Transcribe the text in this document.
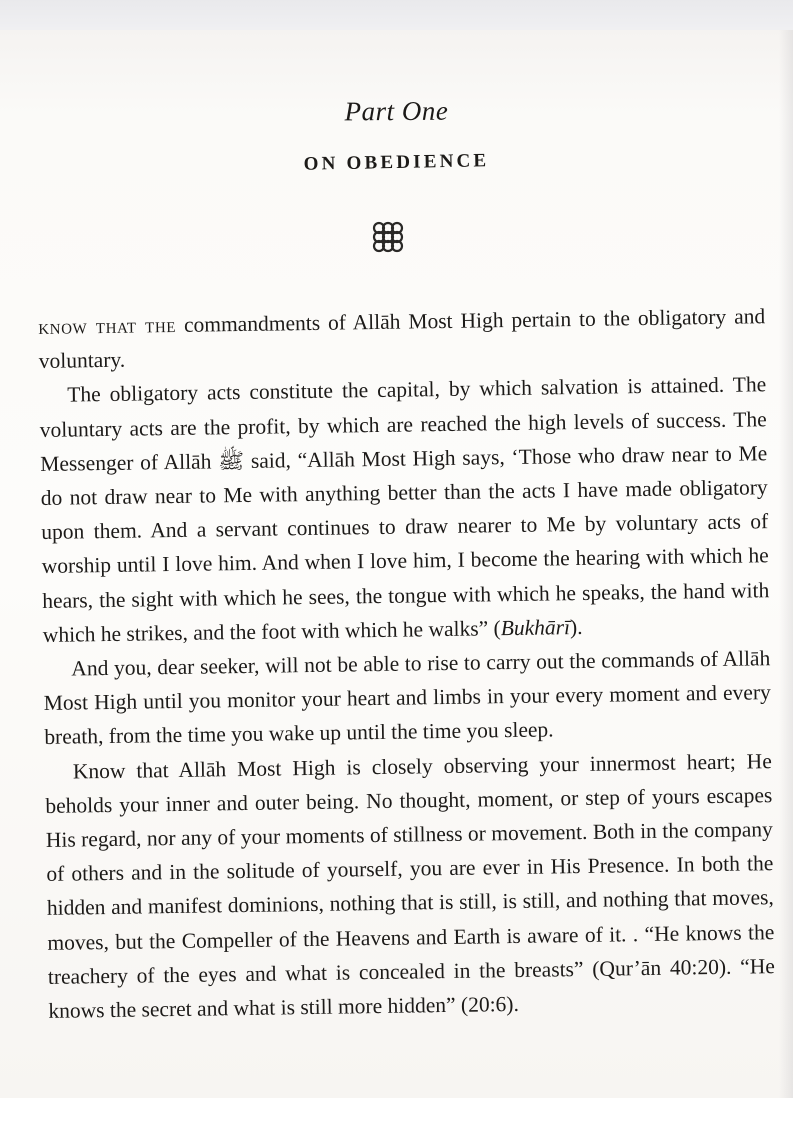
Part One
ON OBEDIENCE

know that the commandments of Allāh Most High pertain to the obligatory and voluntary.

The obligatory acts constitute the capital, by which salvation is attained. The voluntary acts are the profit, by which are reached the high levels of success. The Messenger of Allāh ﷺ said, “Allāh Most High says, ‘Those who draw near to Me do not draw near to Me with anything better than the acts I have made obligatory upon them. And a servant continues to draw nearer to Me by voluntary acts of worship until I love him. And when I love him, I become the hearing with which he hears, the sight with which he sees, the tongue with which he speaks, the hand with which he strikes, and the foot with which he walks” (Bukhārī).

And you, dear seeker, will not be able to rise to carry out the commands of Allāh Most High until you monitor your heart and limbs in your every moment and every breath, from the time you wake up until the time you sleep.

Know that Allāh Most High is closely observing your innermost heart; He beholds your inner and outer being. No thought, moment, or step of yours escapes His regard, nor any of your moments of stillness or movement. Both in the company of others and in the solitude of yourself, you are ever in His Presence. In both the hidden and manifest dominions, nothing that is still, is still, and nothing that moves, moves, but the Compeller of the Heavens and Earth is aware of it. . “He knows the treachery of the eyes and what is concealed in the breasts” (Qur’ān 40:20). “He knows the secret and what is still more hidden” (20:6).
